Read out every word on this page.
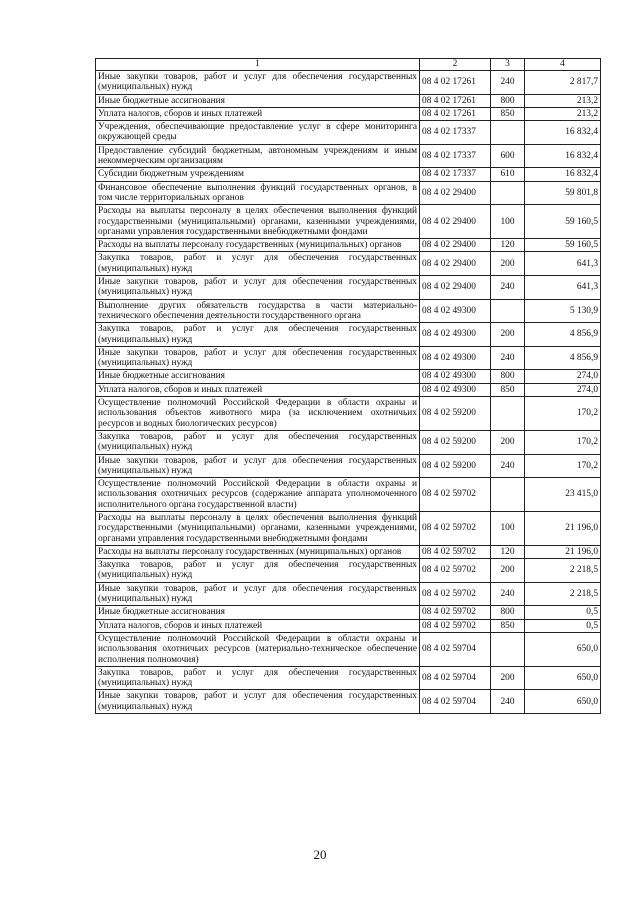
1	2	3	4
Иные закупки товаров, работ и услуг для обеспечения государственных (муниципальных) нужд	08 4 02 17261	240	2 817,7
Иные бюджетные ассигнования	08 4 02 17261	800	213,2
Уплата налогов, сборов и иных платежей	08 4 02 17261	850	213,2
Учреждения, обеспечивающие предоставление услуг в сфере мониторинга окружающей среды	08 4 02 17337		16 832,4
Предоставление субсидий бюджетным, автономным учреждениям и иным некоммерческим организациям	08 4 02 17337	600	16 832,4
Субсидии бюджетным учреждениям	08 4 02 17337	610	16 832,4
Финансовое обеспечение выполнения функций государственных органов, в том числе территориальных органов	08 4 02 29400		59 801,8
Расходы на выплаты персоналу в целях обеспечения выполнения функций государственными (муниципальными) органами, казенными учреждениями, органами управления государственными внебюджетными фондами	08 4 02 29400	100	59 160,5
Расходы на выплаты персоналу государственных (муниципальных) органов	08 4 02 29400	120	59 160,5
Закупка товаров, работ и услуг для обеспечения государственных (муниципальных) нужд	08 4 02 29400	200	641,3
Иные закупки товаров, работ и услуг для обеспечения государственных (муниципальных) нужд	08 4 02 29400	240	641,3
Выполнение других обязательств государства в части материально-технического обеспечения деятельности государственного органа	08 4 02 49300		5 130,9
Закупка товаров, работ и услуг для обеспечения государственных (муниципальных) нужд	08 4 02 49300	200	4 856,9
Иные закупки товаров, работ и услуг для обеспечения государственных (муниципальных) нужд	08 4 02 49300	240	4 856,9
Иные бюджетные ассигнования	08 4 02 49300	800	274,0
Уплата налогов, сборов и иных платежей	08 4 02 49300	850	274,0
Осуществление полномочий Российской Федерации в области охраны и использования объектов животного мира (за исключением охотничьих ресурсов и водных биологических ресурсов)	08 4 02 59200		170,2
Закупка товаров, работ и услуг для обеспечения государственных (муниципальных) нужд	08 4 02 59200	200	170,2
Иные закупки товаров, работ и услуг для обеспечения государственных (муниципальных) нужд	08 4 02 59200	240	170,2
Осуществление полномочий Российской Федерации в области охраны и использования охотничьих ресурсов (содержание аппарата уполномоченного исполнительного органа государственной власти)	08 4 02 59702		23 415,0
Расходы на выплаты персоналу в целях обеспечения выполнения функций государственными (муниципальными) органами, казенными учреждениями, органами управления государственными внебюджетными фондами	08 4 02 59702	100	21 196,0
Расходы на выплаты персоналу государственных (муниципальных) органов	08 4 02 59702	120	21 196,0
Закупка товаров, работ и услуг для обеспечения государственных (муниципальных) нужд	08 4 02 59702	200	2 218,5
Иные закупки товаров, работ и услуг для обеспечения государственных (муниципальных) нужд	08 4 02 59702	240	2 218,5
Иные бюджетные ассигнования	08 4 02 59702	800	0,5
Уплата налогов, сборов и иных платежей	08 4 02 59702	850	0,5
Осуществление полномочий Российской Федерации в области охраны и использования охотничьих ресурсов (материально-техническое обеспечение исполнения полномочия)	08 4 02 59704		650,0
Закупка товаров, работ и услуг для обеспечения государственных (муниципальных) нужд	08 4 02 59704	200	650,0
Иные закупки товаров, работ и услуг для обеспечения государственных (муниципальных) нужд	08 4 02 59704	240	650,0
20
